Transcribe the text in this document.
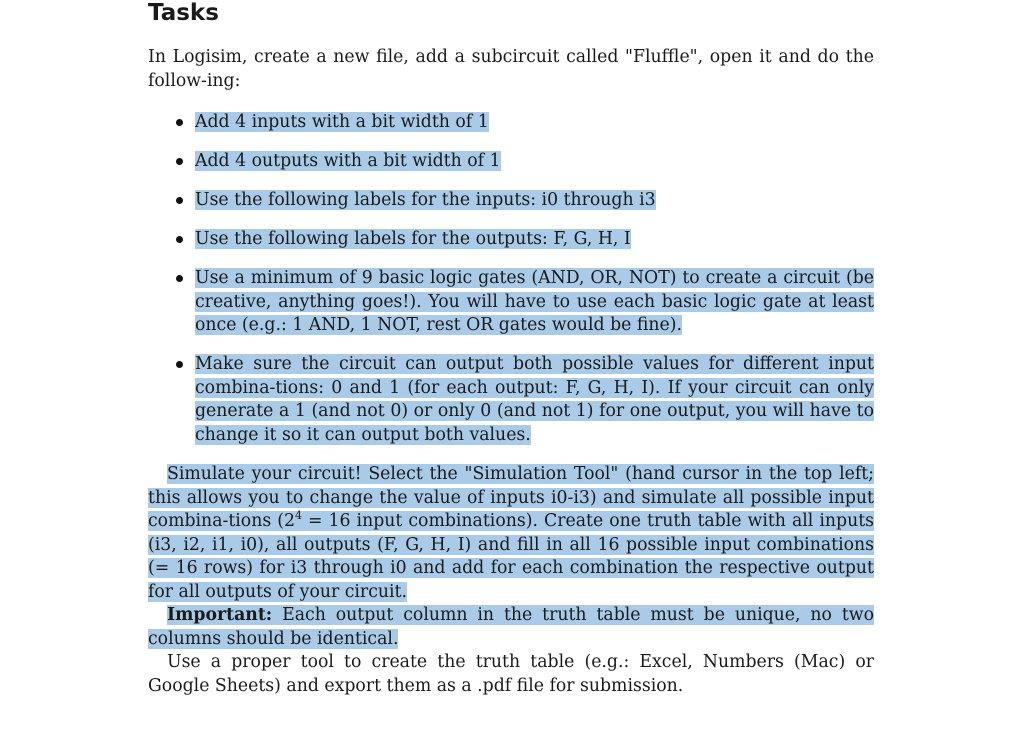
Tasks

In Logisim, create a new file, add a subcircuit called "Fluffle", open it and do the follow-ing:

Add 4 inputs with a bit width of 1
Add 4 outputs with a bit width of 1
Use the following labels for the inputs: i0 through i3
Use the following labels for the outputs: F, G, H, I
Use a minimum of 9 basic logic gates (AND, OR, NOT) to create a circuit (be creative, anything goes!). You will have to use each basic logic gate at least once (e.g.: 1 AND, 1 NOT, rest OR gates would be fine).
Make sure the circuit can output both possible values for different input combina-tions: 0 and 1 (for each output: F, G, H, I). If your circuit can only generate a 1 (and not 0) or only 0 (and not 1) for one output, you will have to change it so it can output both values.

Simulate your circuit! Select the "Simulation Tool" (hand cursor in the top left; this allows you to change the value of inputs i0-i3) and simulate all possible input combina-tions ($2^4 = 16$ input combinations). Create one truth table with all inputs (i3, i2, i1, i0), all outputs (F, G, H, I) and fill in all 16 possible input combinations (= 16 rows) for i3 through i0 and add for each combination the respective output for all outputs of your circuit.

Important: Each output column in the truth table must be unique, no two columns should be identical.

Use a proper tool to create the truth table (e.g.: Excel, Numbers (Mac) or Google Sheets) and export them as a .pdf file for submission.
